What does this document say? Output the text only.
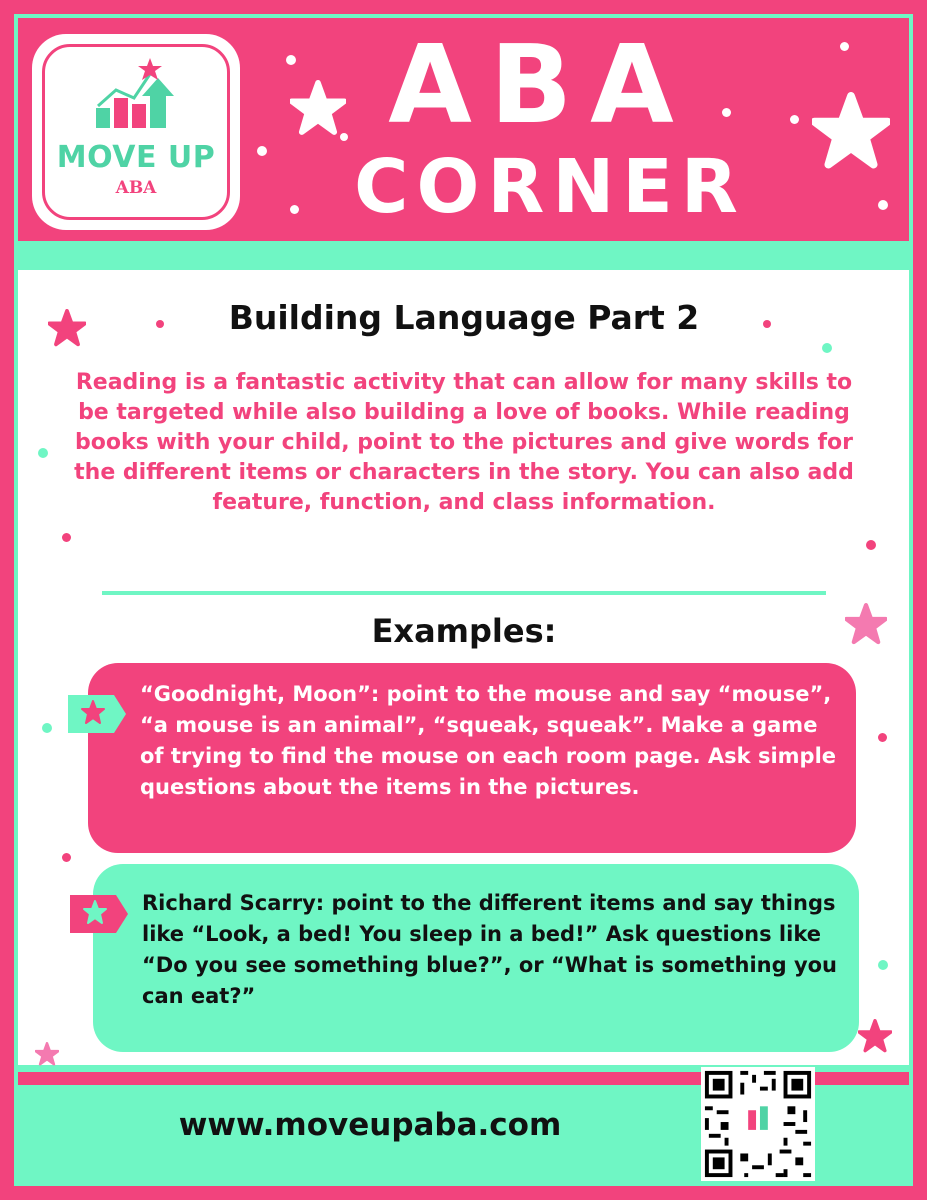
MOVE UP
ABA
ABA
CORNER
Building Language Part 2
Reading is a fantastic activity that can allow for many skills to be targeted while also building a love of books. While reading books with your child, point to the pictures and give words for the different items or characters in the story. You can also add feature, function, and class information.
Examples:
“Goodnight, Moon”: point to the mouse and say “mouse”, “a mouse is an animal”, “squeak, squeak”. Make a game of trying to find the mouse on each room page. Ask simple questions about the items in the pictures.
Richard Scarry: point to the different items and say things like “Look, a bed! You sleep in a bed!” Ask questions like “Do you see something blue?”, or “What is something you can eat?”
www.moveupaba.com
